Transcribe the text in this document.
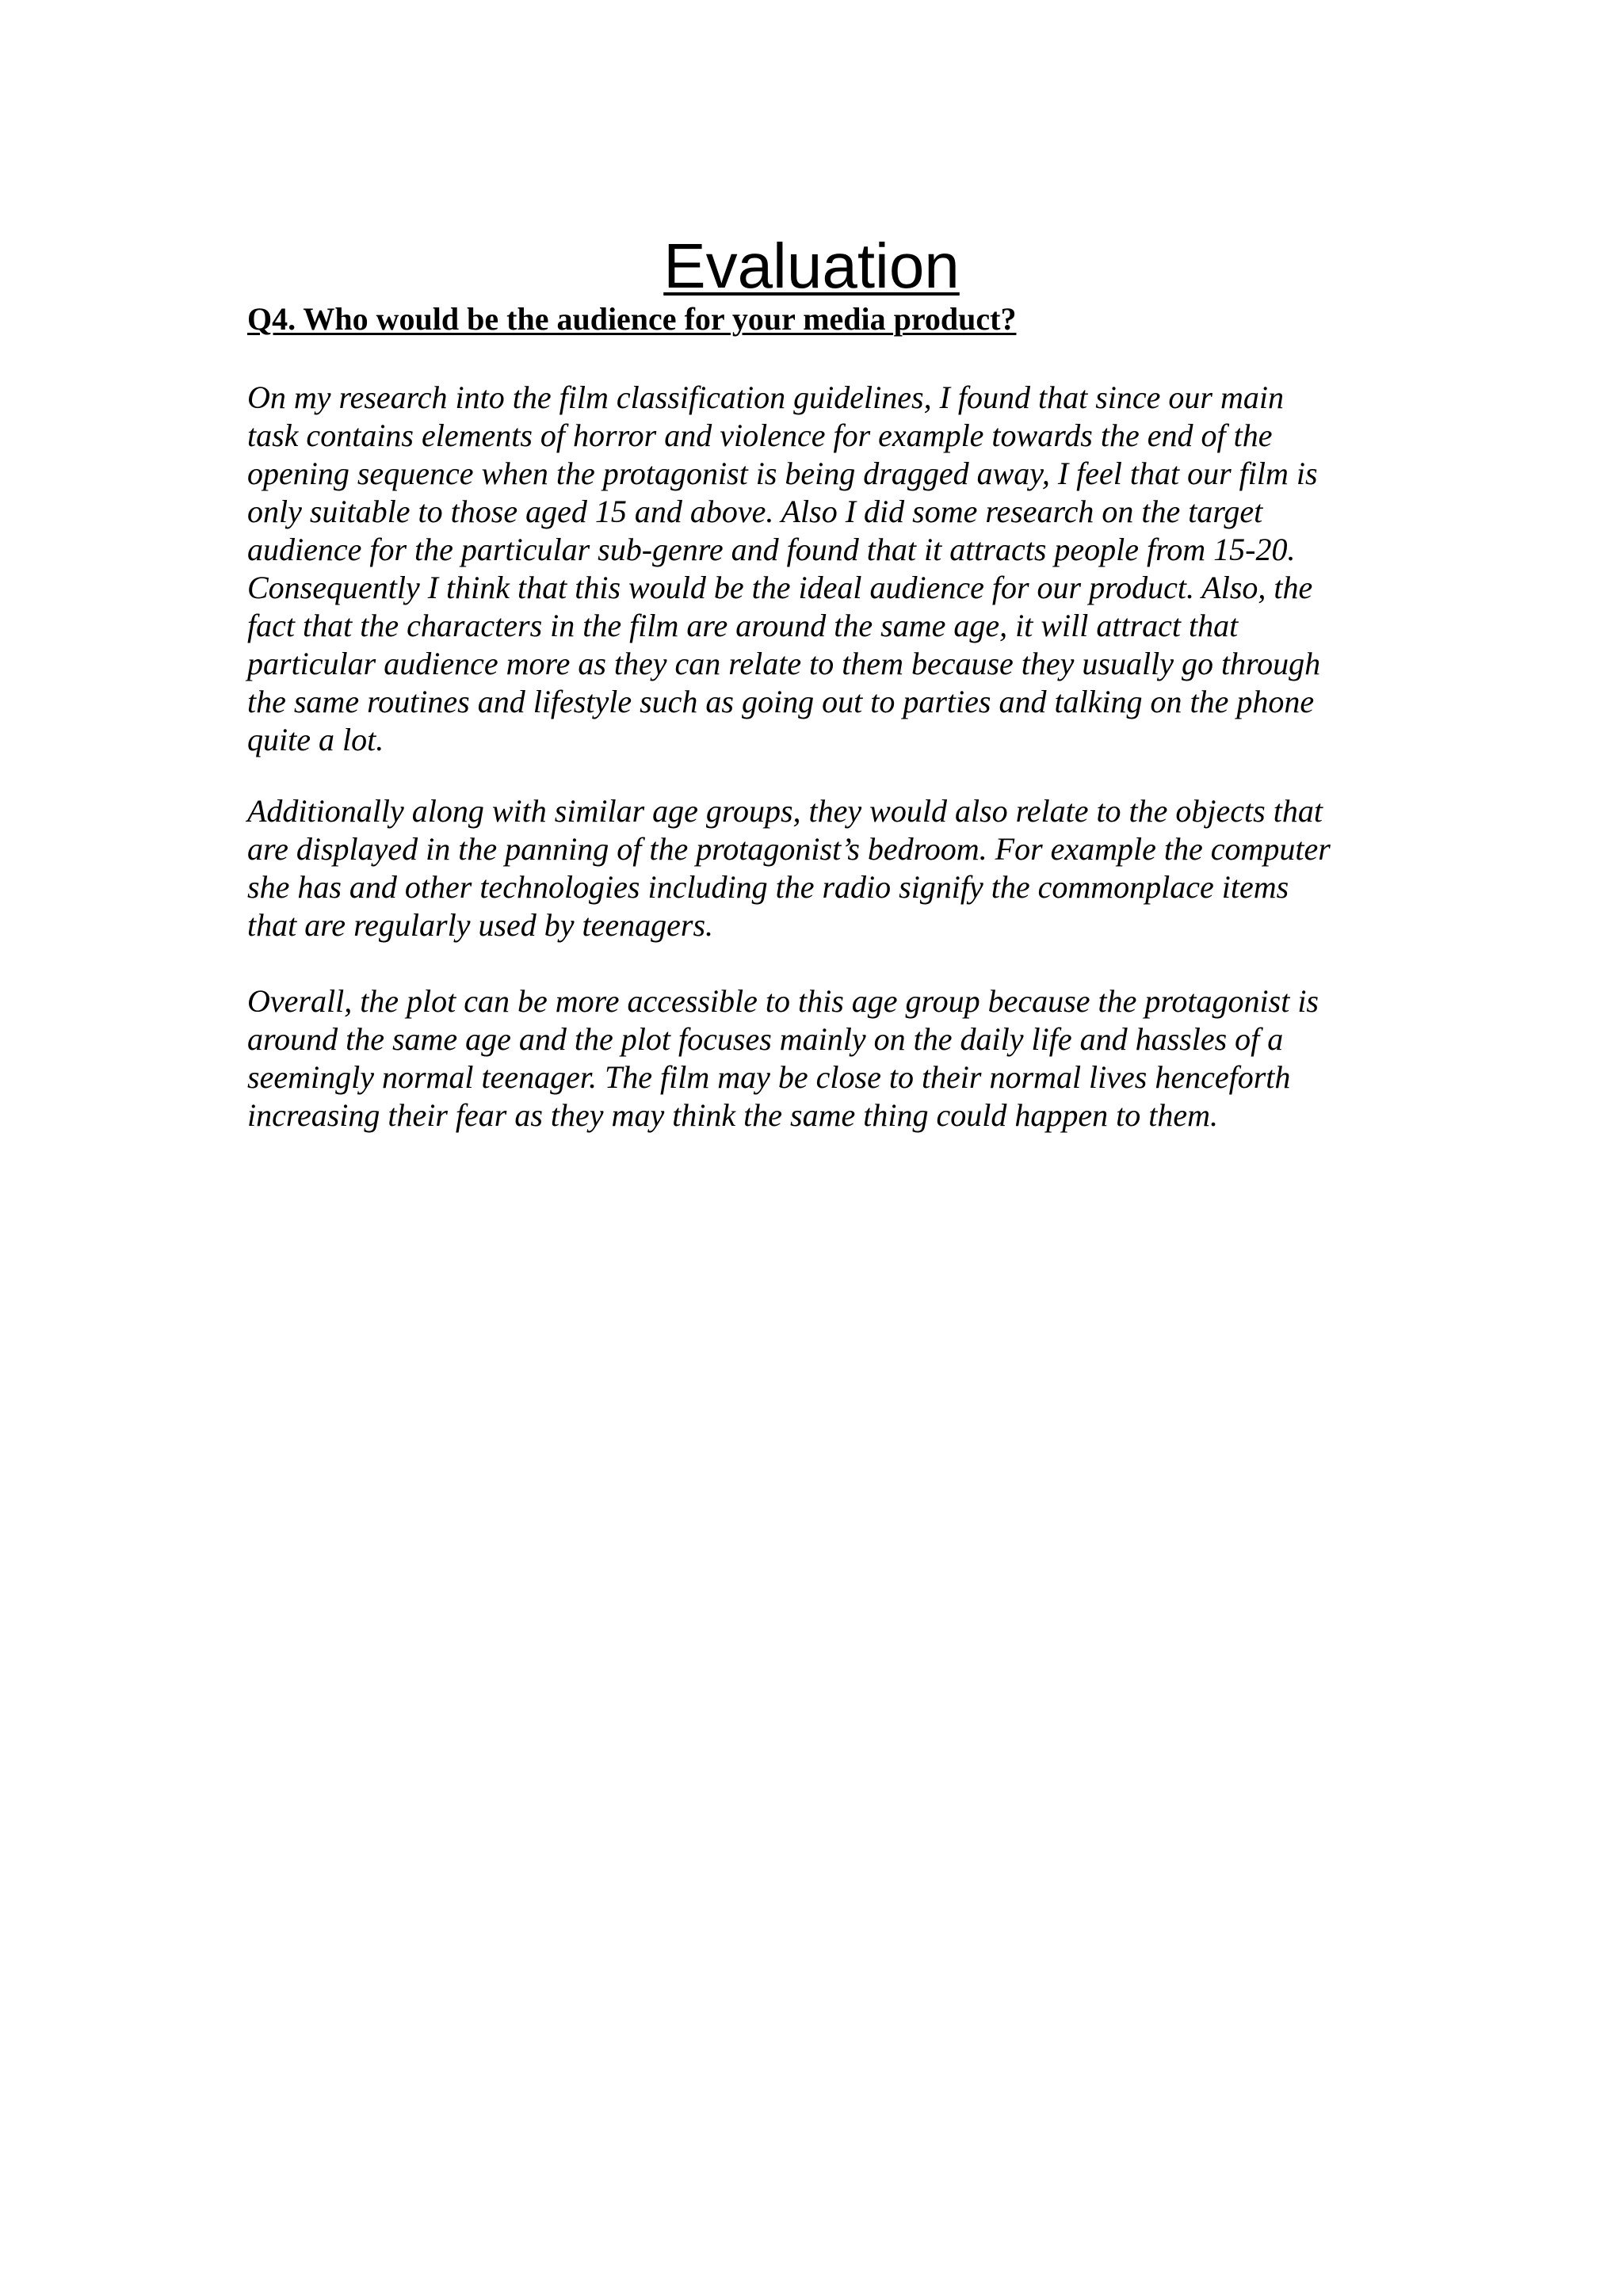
Evaluation

Q4. Who would be the audience for your media product?

On my research into the film classification guidelines, I found that since our main
task contains elements of horror and violence for example towards the end of the
opening sequence when the protagonist is being dragged away, I feel that our film is
only suitable to those aged 15 and above. Also I did some research on the target
audience for the particular sub-genre and found that it attracts people from 15-20.
Consequently I think that this would be the ideal audience for our product. Also, the
fact that the characters in the film are around the same age, it will attract that
particular audience more as they can relate to them because they usually go through
the same routines and lifestyle such as going out to parties and talking on the phone
quite a lot.

Additionally along with similar age groups, they would also relate to the objects that
are displayed in the panning of the protagonist’s bedroom. For example the computer
she has and other technologies including the radio signify the commonplace items
that are regularly used by teenagers.

Overall, the plot can be more accessible to this age group because the protagonist is
around the same age and the plot focuses mainly on the daily life and hassles of a
seemingly normal teenager. The film may be close to their normal lives henceforth
increasing their fear as they may think the same thing could happen to them.
